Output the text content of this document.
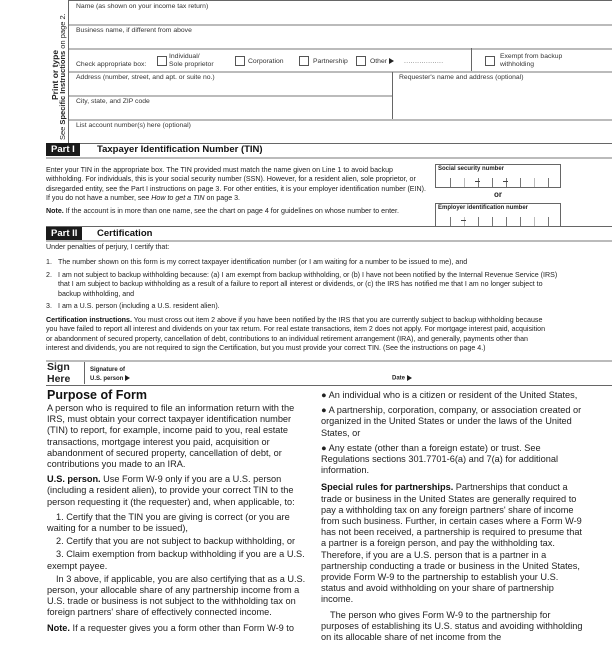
Print or type
See Specific Instructions on page 2.
Name (as shown on your income tax return)
Business name, if different from above
Check appropriate box:
Individual/
Sole proprietor	Corporation	Partnership	Other	..................
Exempt from backup
withholding
Address (number, street, and apt. or suite no.)	Requester's name and address (optional)
City, state, and ZIP code
List account number(s) here (optional)
Part I	Taxpayer Identification Number (TIN)
Enter your TIN in the appropriate box. The TIN provided must match the name given on Line 1 to avoid backup withholding. For individuals, this is your social security number (SSN). However, for a resident alien, sole proprietor, or disregarded entity, see the Part I instructions on page 3. For other entities, it is your employer identification number (EIN). If you do not have a number, see How to get a TIN on page 3.
Note. If the account is in more than one name, see the chart on page 4 for guidelines on whose number to enter.
Social security number
or
Employer identification number
Part II	Certification
Under penalties of perjury, I certify that:
1. The number shown on this form is my correct taxpayer identification number (or I am waiting for a number to be issued to me), and
2. I am not subject to backup withholding because: (a) I am exempt from backup withholding, or (b) I have not been notified by the Internal Revenue Service (IRS) that I am subject to backup withholding as a result of a failure to report all interest or dividends, or (c) the IRS has notified me that I am no longer subject to backup withholding, and
3. I am a U.S. person (including a U.S. resident alien).
Certification instructions. You must cross out item 2 above if you have been notified by the IRS that you are currently subject to backup withholding because you have failed to report all interest and dividends on your tax return. For real estate transactions, item 2 does not apply. For mortgage interest paid, acquisition or abandonment of secured property, cancellation of debt, contributions to an individual retirement arrangement (IRA), and generally, payments other than interest and dividends, you are not required to sign the Certification, but you must provide your correct TIN. (See the instructions on page 4.)
Sign
Here
Signature of
U.S. person	Date
Purpose of Form

A person who is required to file an information return with the IRS, must obtain your correct taxpayer identification number (TIN) to report, for example, income paid to you, real estate transactions, mortgage interest you paid, acquisition or abandonment of secured property, cancellation of debt, or contributions you made to an IRA.

U.S. person. Use Form W-9 only if you are a U.S. person (including a resident alien), to provide your correct TIN to the person requesting it (the requester) and, when applicable, to:

1. Certify that the TIN you are giving is correct (or you are waiting for a number to be issued),

2. Certify that you are not subject to backup withholding, or

3. Claim exemption from backup withholding if you are a U.S. exempt payee.

In 3 above, if applicable, you are also certifying that as a U.S. person, your allocable share of any partnership income from a U.S. trade or business is not subject to the withholding tax on foreign partners' share of effectively connected income.

Note. If a requester gives you a form other than Form W-9 to

● An individual who is a citizen or resident of the United States,

● A partnership, corporation, company, or association created or organized in the United States or under the laws of the United States, or

● Any estate (other than a foreign estate) or trust. See Regulations sections 301.7701-6(a) and 7(a) for additional information.

Special rules for partnerships. Partnerships that conduct a trade or business in the United States are generally required to pay a withholding tax on any foreign partners' share of income from such business. Further, in certain cases where a Form W-9 has not been received, a partnership is required to presume that a partner is a foreign person, and pay the withholding tax. Therefore, if you are a U.S. person that is a partner in a partnership conducting a trade or business in the United States, provide Form W-9 to the partnership to establish your U.S. status and avoid withholding on your share of partnership income.

The person who gives Form W-9 to the partnership for purposes of establishing its U.S. status and avoiding withholding on its allocable share of net income from the
